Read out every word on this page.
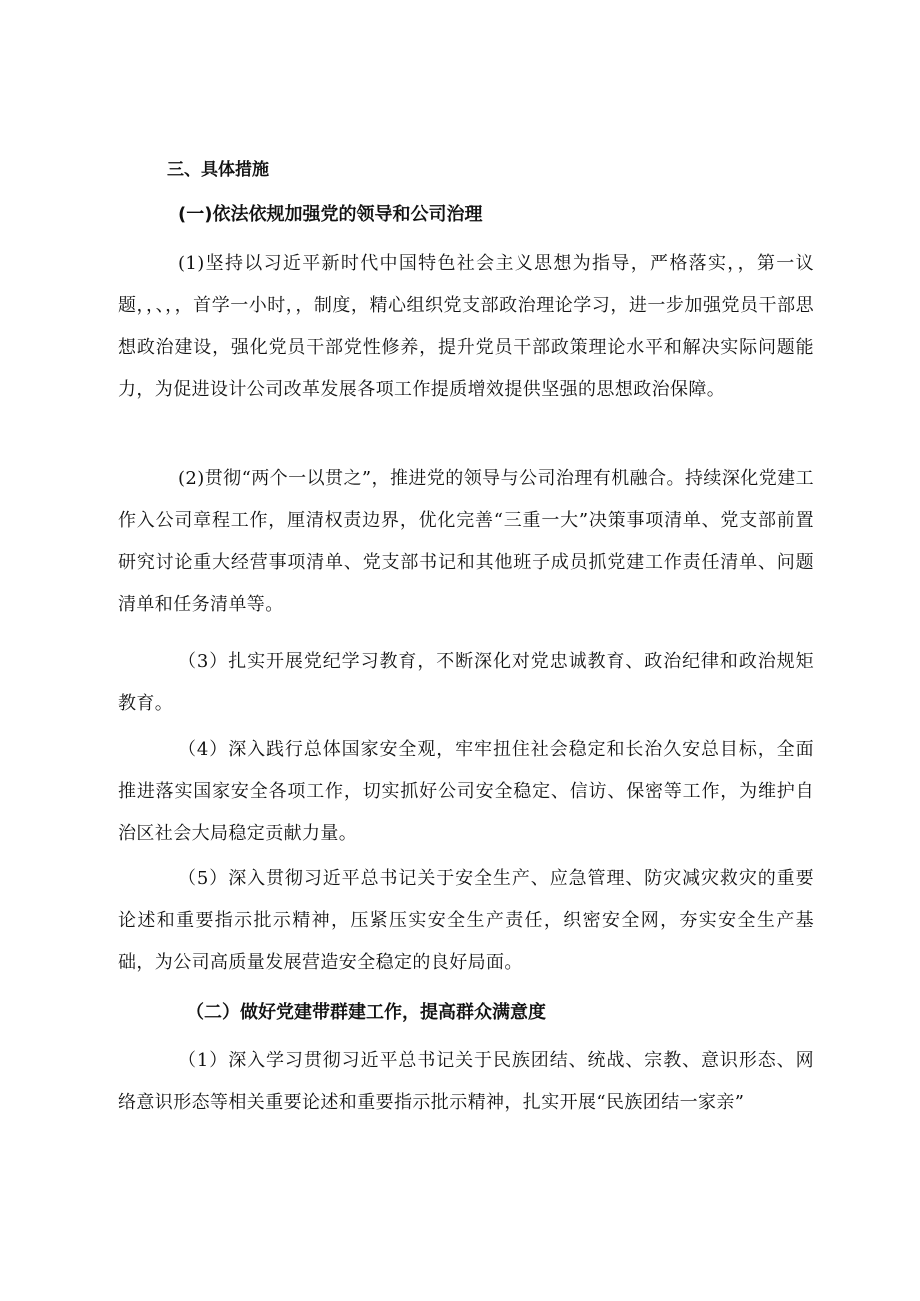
三、具体措施
(一)依法依规加强党的领导和公司治理

(1)坚持以习近平新时代中国特色社会主义思想为指导，严格落实，，第一议题，，、，，首学一小时，，制度，精心组织党支部政治理论学习，进一步加强党员干部思想政治建设，强化党员干部党性修养，提升党员干部政策理论水平和解决实际问题能力，为促进设计公司改革发展各项工作提质增效提供坚强的思想政治保障。

(2)贯彻“两个一以贯之”，推进党的领导与公司治理有机融合。持续深化党建工作入公司章程工作，厘清权责边界，优化完善“三重一大”决策事项清单、党支部前置研究讨论重大经营事项清单、党支部书记和其他班子成员抓党建工作责任清单、问题清单和任务清单等。

（3）扎实开展党纪学习教育，不断深化对党忠诚教育、政治纪律和政治规矩教育。

（4）深入践行总体国家安全观，牢牢扭住社会稳定和长治久安总目标，全面推进落实国家安全各项工作，切实抓好公司安全稳定、信访、保密等工作，为维护自治区社会大局稳定贡献力量。

（5）深入贯彻习近平总书记关于安全生产、应急管理、防灾减灾救灾的重要论述和重要指示批示精神，压紧压实安全生产责任，织密安全网，夯实安全生产基础，为公司高质量发展营造安全稳定的良好局面。

（二）做好党建带群建工作，提高群众满意度

（1）深入学习贯彻习近平总书记关于民族团结、统战、宗教、意识形态、网络意识形态等相关重要论述和重要指示批示精神，扎实开展“民族团结一家亲”
